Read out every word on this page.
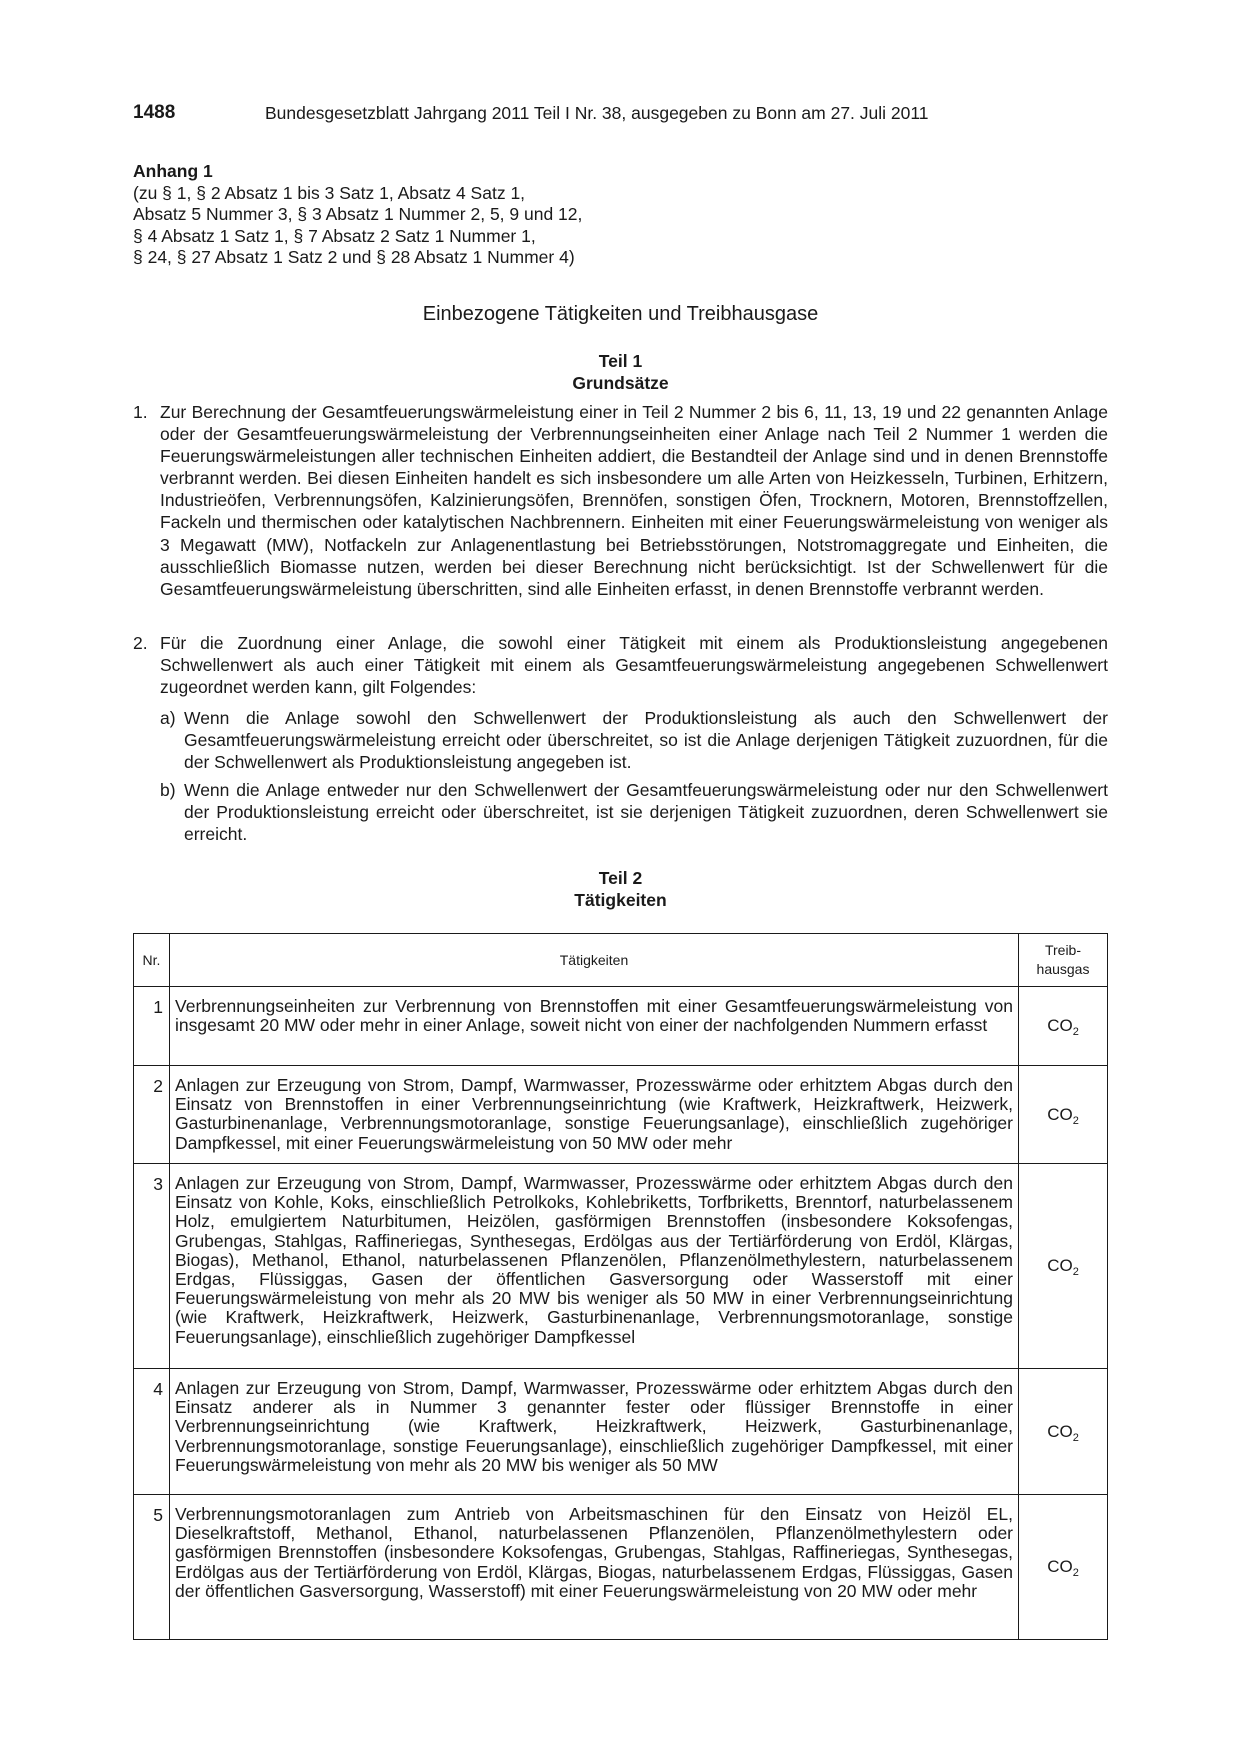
1488	Bundesgesetzblatt Jahrgang 2011 Teil I Nr. 38, ausgegeben zu Bonn am 27. Juli 2011
Anhang 1
(zu § 1, § 2 Absatz 1 bis 3 Satz 1, Absatz 4 Satz 1,
Absatz 5 Nummer 3, § 3 Absatz 1 Nummer 2, 5, 9 und 12,
§ 4 Absatz 1 Satz 1, § 7 Absatz 2 Satz 1 Nummer 1,
§ 24, § 27 Absatz 1 Satz 2 und § 28 Absatz 1 Nummer 4)
Einbezogene Tätigkeiten und Treibhausgase
Teil 1
Grundsätze
1. Zur Berechnung der Gesamtfeuerungswärmeleistung einer in Teil 2 Nummer 2 bis 6, 11, 13, 19 und 22 genannten Anlage oder der Gesamtfeuerungswärmeleistung der Verbrennungseinheiten einer Anlage nach Teil 2 Nummer 1 werden die Feuerungswärmeleistungen aller technischen Einheiten addiert, die Bestandteil der Anlage sind und in denen Brennstoffe verbrannt werden. Bei diesen Einheiten handelt es sich insbesondere um alle Arten von Heizkesseln, Turbinen, Erhitzern, Industrieöfen, Verbrennungsöfen, Kalzinierungsöfen, Brennöfen, sonstigen Öfen, Trocknern, Motoren, Brennstoffzellen, Fackeln und thermischen oder katalytischen Nachbrennern. Einheiten mit einer Feuerungswärmeleistung von weniger als 3 Megawatt (MW), Notfackeln zur Anlagenentlastung bei Betriebsstörungen, Notstromaggregate und Einheiten, die ausschließlich Biomasse nutzen, werden bei dieser Berechnung nicht berücksichtigt. Ist der Schwellenwert für die Gesamtfeuerungswärmeleistung überschritten, sind alle Einheiten erfasst, in denen Brennstoffe verbrannt werden.
2. Für die Zuordnung einer Anlage, die sowohl einer Tätigkeit mit einem als Produktionsleistung angegebenen Schwellenwert als auch einer Tätigkeit mit einem als Gesamtfeuerungswärmeleistung angegebenen Schwellenwert zugeordnet werden kann, gilt Folgendes:
a) Wenn die Anlage sowohl den Schwellenwert der Produktionsleistung als auch den Schwellenwert der Gesamtfeuerungswärmeleistung erreicht oder überschreitet, so ist die Anlage derjenigen Tätigkeit zuzuordnen, für die der Schwellenwert als Produktionsleistung angegeben ist.
b) Wenn die Anlage entweder nur den Schwellenwert der Gesamtfeuerungswärmeleistung oder nur den Schwellenwert der Produktionsleistung erreicht oder überschreitet, ist sie derjenigen Tätigkeit zuzuordnen, deren Schwellenwert sie erreicht.
Teil 2
Tätigkeiten
Nr.	Tätigkeiten	Treib-
hausgas

1	Verbrennungseinheiten zur Verbrennung von Brennstoffen mit einer Gesamtfeuerungswärmeleistung von insgesamt 20 MW oder mehr in einer Anlage, soweit nicht von einer der nachfolgenden Nummern erfasst	$CO_2$
2	Anlagen zur Erzeugung von Strom, Dampf, Warmwasser, Prozesswärme oder erhitztem Abgas durch den Einsatz von Brennstoffen in einer Verbrennungseinrichtung (wie Kraftwerk, Heizkraftwerk, Heizwerk, Gasturbinenanlage, Verbrennungsmotoranlage, sonstige Feuerungsanlage), einschließlich zugehöriger Dampfkessel, mit einer Feuerungswärmeleistung von 50 MW oder mehr	$CO_2$
3	Anlagen zur Erzeugung von Strom, Dampf, Warmwasser, Prozesswärme oder erhitztem Abgas durch den Einsatz von Kohle, Koks, einschließlich Petrolkoks, Kohlebriketts, Torfbriketts, Brenntorf, naturbelassenem Holz, emulgiertem Naturbitumen, Heizölen, gasförmigen Brennstoffen (insbesondere Koksofengas, Grubengas, Stahlgas, Raffineriegas, Synthesegas, Erdölgas aus der Tertiärförderung von Erdöl, Klärgas, Biogas), Methanol, Ethanol, naturbelassenen Pflanzenölen, Pflanzenölmethylestern, naturbelassenem Erdgas, Flüssiggas, Gasen der öffentlichen Gasversorgung oder Wasserstoff mit einer Feuerungswärmeleistung von mehr als 20 MW bis weniger als 50 MW in einer Verbrennungseinrichtung (wie Kraftwerk, Heizkraftwerk, Heizwerk, Gasturbinenanlage, Verbrennungsmotoranlage, sonstige Feuerungsanlage), einschließlich zugehöriger Dampfkessel	$CO_2$
4	Anlagen zur Erzeugung von Strom, Dampf, Warmwasser, Prozesswärme oder erhitztem Abgas durch den Einsatz anderer als in Nummer 3 genannter fester oder flüssiger Brennstoffe in einer Verbrennungseinrichtung (wie Kraftwerk, Heizkraftwerk, Heizwerk, Gasturbinenanlage, Verbrennungsmotoranlage, sonstige Feuerungsanlage), einschließlich zugehöriger Dampfkessel, mit einer Feuerungswärmeleistung von mehr als 20 MW bis weniger als 50 MW	$CO_2$
5	Verbrennungsmotoranlagen zum Antrieb von Arbeitsmaschinen für den Einsatz von Heizöl EL, Dieselkraftstoff, Methanol, Ethanol, naturbelassenen Pflanzenölen, Pflanzenölmethylestern oder gasförmigen Brennstoffen (insbesondere Koksofengas, Grubengas, Stahlgas, Raffineriegas, Synthesegas, Erdölgas aus der Tertiärförderung von Erdöl, Klärgas, Biogas, naturbelassenem Erdgas, Flüssiggas, Gasen der öffentlichen Gasversorgung, Wasserstoff) mit einer Feuerungswärmeleistung von 20 MW oder mehr	$CO_2$
